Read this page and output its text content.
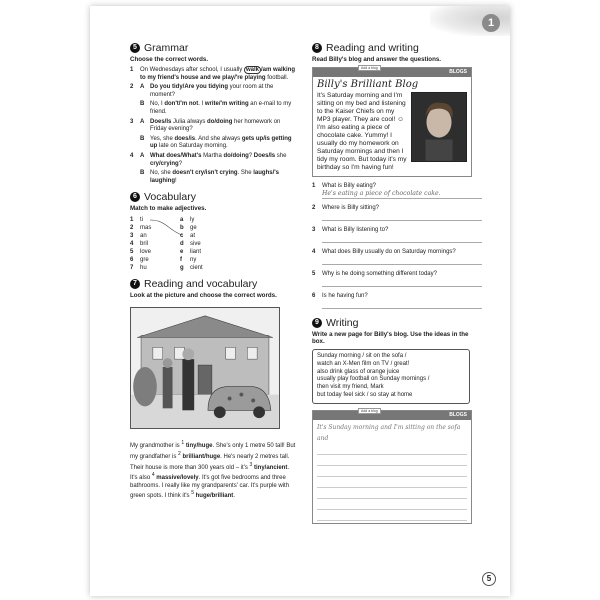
1
5 Grammar
Choose the correct words.
1	On Wednesdays after school, I usually walk /am walking to my friend's house and we play/'re playing football.
2	A Do you tidy/Are you tidying your room at the moment?
B No, I don't/'m not. I write/'m writing an e-mail to my friend.
3	A Does/Is Julia always do/doing her homework on Friday evening?
B Yes, she does/is. And she always gets up/is getting up late on Saturday morning.
4	A What does/What's Martha do/doing? Does/Is she cry/crying?
B No, she doesn't cry/isn't crying. She laughs/'s laughing!
6 Vocabulary
Match to make adjectives.
1	ti	a	ly
2	mas	b	ge
3	an	c	at
4	bril	d	sive
5	love	e	liant
6	gre	f	ny
7	hu	g	cient
7 Reading and vocabulary
Look at the picture and choose the correct words.
My grandmother is $^1$ tiny/huge. She's only 1 metre 50 tall! But my grandfather is $^2$ brilliant/huge. He's nearly 2 metres tall. Their house is more than 300 years old – it's $^3$ tiny/ancient. It's also $^4$ massive/lovely. It's got five bedrooms and three bathrooms. I really like my grandparents' car. It's purple with green spots. I think it's $^5$ huge/brilliant.
8 Reading and writing
Read Billy's blog and answer the questions.
Add a blog
BLOGS
Billy's Brilliant Blog
It's Saturday morning and I'm sitting on my bed and listening to the Kaiser Chiefs on my MP3 player. They are cool! ☺ I'm also eating a piece of chocolate cake. Yummy! I usually do my homework on Saturday mornings and then I tidy my room. But today it's my birthday so I'm having fun!
1	What is Billy eating?
He's eating a piece of chocolate cake.
2	Where is Billy sitting?
3	What is Billy listening to?
4	What does Billy usually do on Saturday mornings?
5	Why is he doing something different today?
6	Is he having fun?
9 Writing
Write a new page for Billy's blog. Use the ideas in the box.
Sunday morning / sit on the sofa /
watch an X-Men film on TV / great!
also drink glass of orange juice
usually play football on Sunday mornings /
then visit my friend, Mark
but today feel sick / so stay at home
Add a blog
BLOGS
It's Sunday morning and I'm sitting on the sofa and
5
